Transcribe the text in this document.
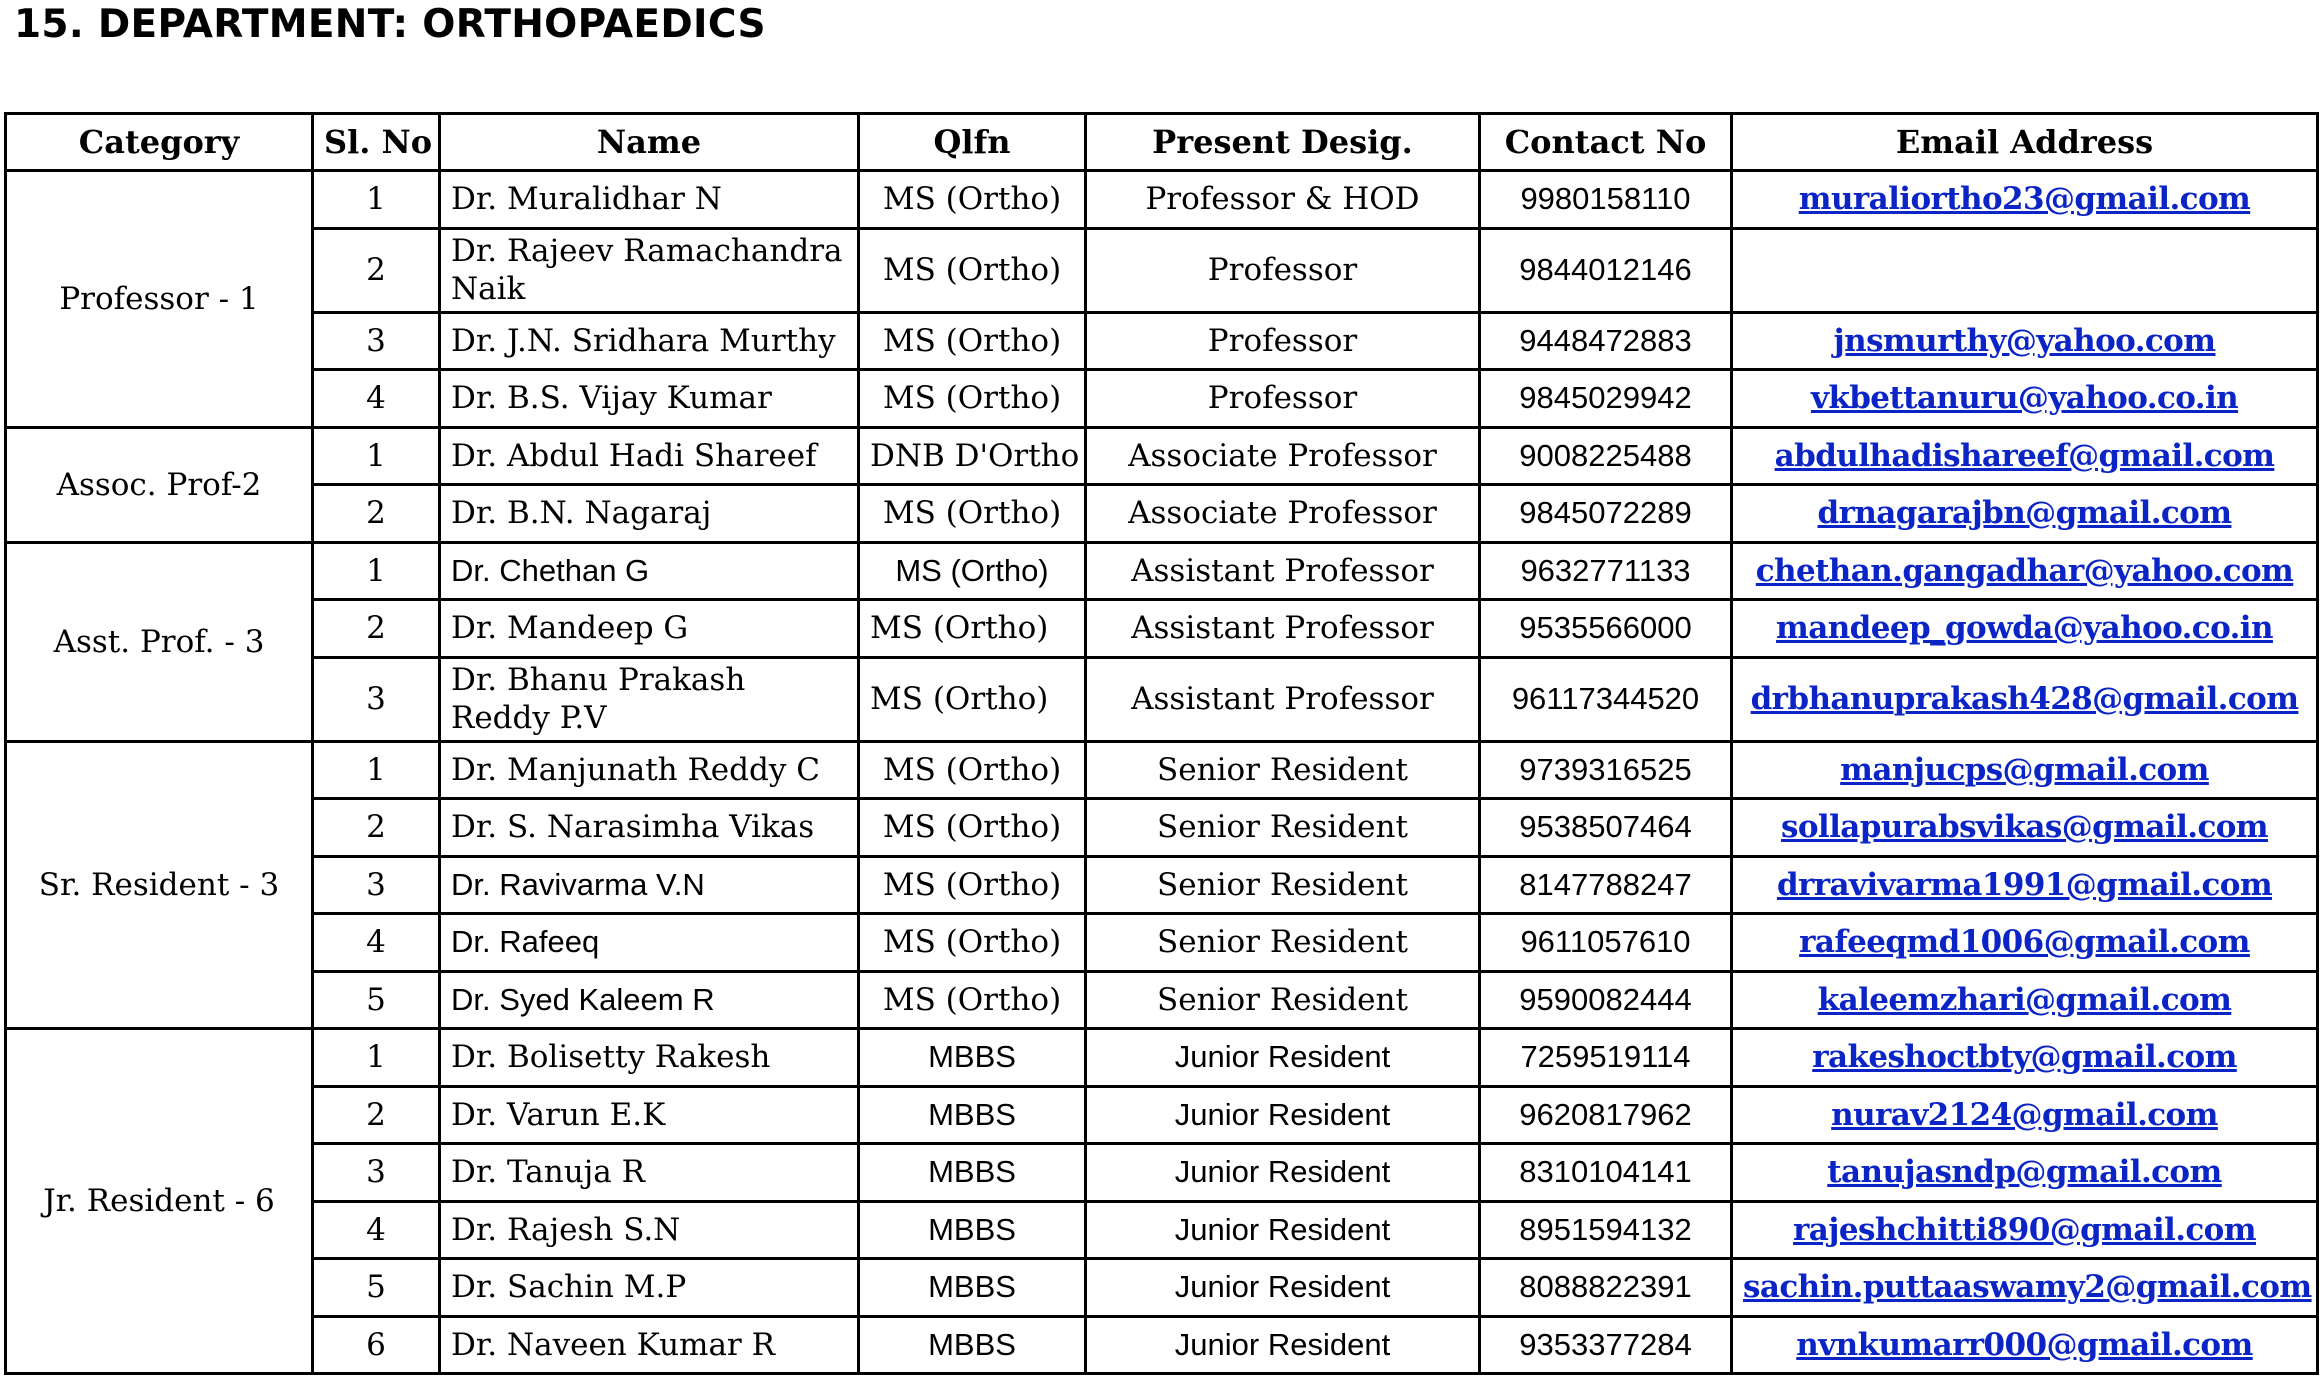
15. DEPARTMENT: ORTHOPAEDICS
Category	Sl. No	Name	Qlfn	Present Desig.	Contact No	Email Address
Professor - 1	1	Dr. Muralidhar N	MS (Ortho)	Professor & HOD	9980158110	muraliortho23@gmail.com
	2	Dr. Rajeev Ramachandra Naik	MS (Ortho)	Professor	9844012146	
	3	Dr. J.N. Sridhara Murthy	MS (Ortho)	Professor	9448472883	jnsmurthy@yahoo.com
	4	Dr. B.S. Vijay Kumar	MS (Ortho)	Professor	9845029942	vkbettanuru@yahoo.co.in
Assoc. Prof-2	1	Dr. Abdul Hadi Shareef	DNB D'Ortho	Associate Professor	9008225488	abdulhadishareef@gmail.com
	2	Dr. B.N. Nagaraj	MS (Ortho)	Associate Professor	9845072289	drnagarajbn@gmail.com
Asst. Prof. - 3	1	Dr. Chethan G	MS (Ortho)	Assistant Professor	9632771133	chethan.gangadhar@yahoo.com
	2	Dr. Mandeep G	MS (Ortho)	Assistant Professor	9535566000	mandeep_gowda@yahoo.co.in
	3	Dr. Bhanu Prakash Reddy P.V	MS (Ortho)	Assistant Professor	96117344520	drbhanuprakash428@gmail.com
Sr. Resident - 3	1	Dr. Manjunath Reddy C	MS (Ortho)	Senior Resident	9739316525	manjucps@gmail.com
	2	Dr. S. Narasimha Vikas	MS (Ortho)	Senior Resident	9538507464	sollapurabsvikas@gmail.com
	3	Dr. Ravivarma V.N	MS (Ortho)	Senior Resident	8147788247	drravivarma1991@gmail.com
	4	Dr. Rafeeq	MS (Ortho)	Senior Resident	9611057610	rafeeqmd1006@gmail.com
	5	Dr. Syed Kaleem R	MS (Ortho)	Senior Resident	9590082444	kaleemzhari@gmail.com
Jr. Resident - 6	1	Dr. Bolisetty Rakesh	MBBS	Junior Resident	7259519114	rakeshoctbty@gmail.com
	2	Dr. Varun E.K	MBBS	Junior Resident	9620817962	nurav2124@gmail.com
	3	Dr. Tanuja R	MBBS	Junior Resident	8310104141	tanujasndp@gmail.com
	4	Dr. Rajesh S.N	MBBS	Junior Resident	8951594132	rajeshchitti890@gmail.com
	5	Dr. Sachin M.P	MBBS	Junior Resident	8088822391	sachin.puttaaswamy2@gmail.com
	6	Dr. Naveen Kumar R	MBBS	Junior Resident	9353377284	nvnkumarr000@gmail.com
